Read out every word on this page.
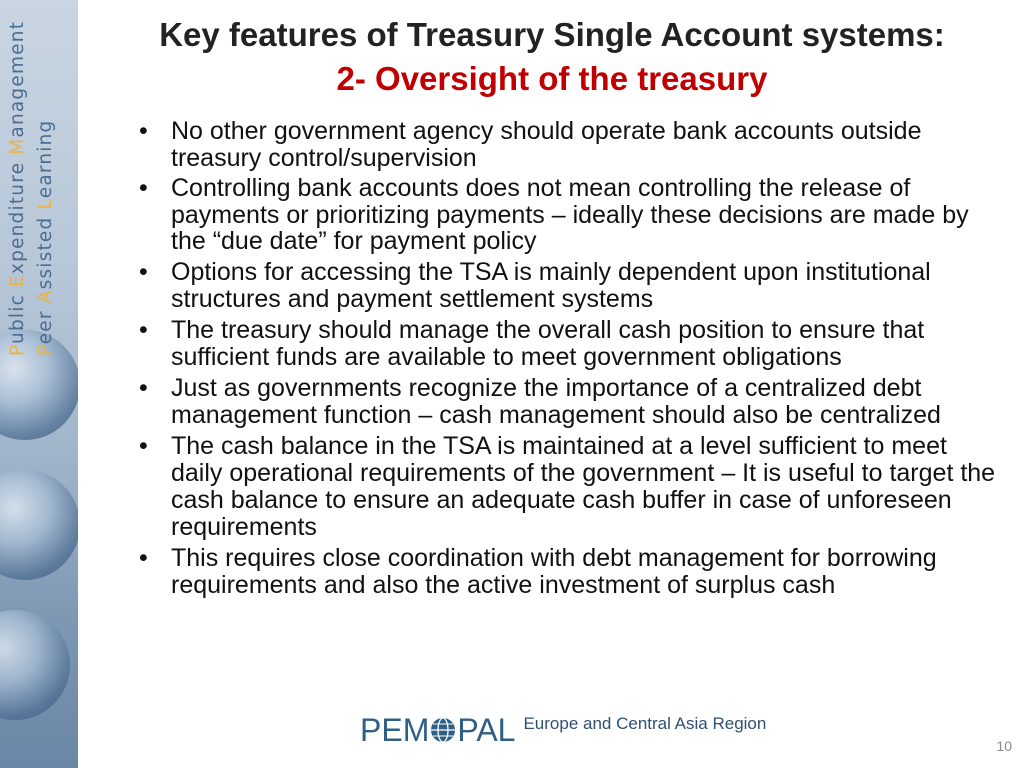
Public Expenditure Management
Peer Assisted Learning
Key features of Treasury Single Account systems:
2- Oversight of the treasury
• No other government agency should operate bank accounts outside treasury control/supervision
• Controlling bank accounts does not mean controlling the release of payments or prioritizing payments – ideally these decisions are made by the “due date” for payment policy
• Options for accessing the TSA is mainly dependent upon institutional structures and payment settlement systems
• The treasury should manage the overall cash position to ensure that sufficient funds are available to meet government obligations
• Just as governments recognize the importance of a centralized debt management function – cash management should also be centralized
• The cash balance in the TSA is maintained at a level sufficient to meet daily operational requirements of the government – It is useful to target the cash balance to ensure an adequate cash buffer in case of unforeseen requirements
• This requires close coordination with debt management for borrowing requirements and also the active investment of surplus cash
PEM PAL Europe and Central Asia Region
10
